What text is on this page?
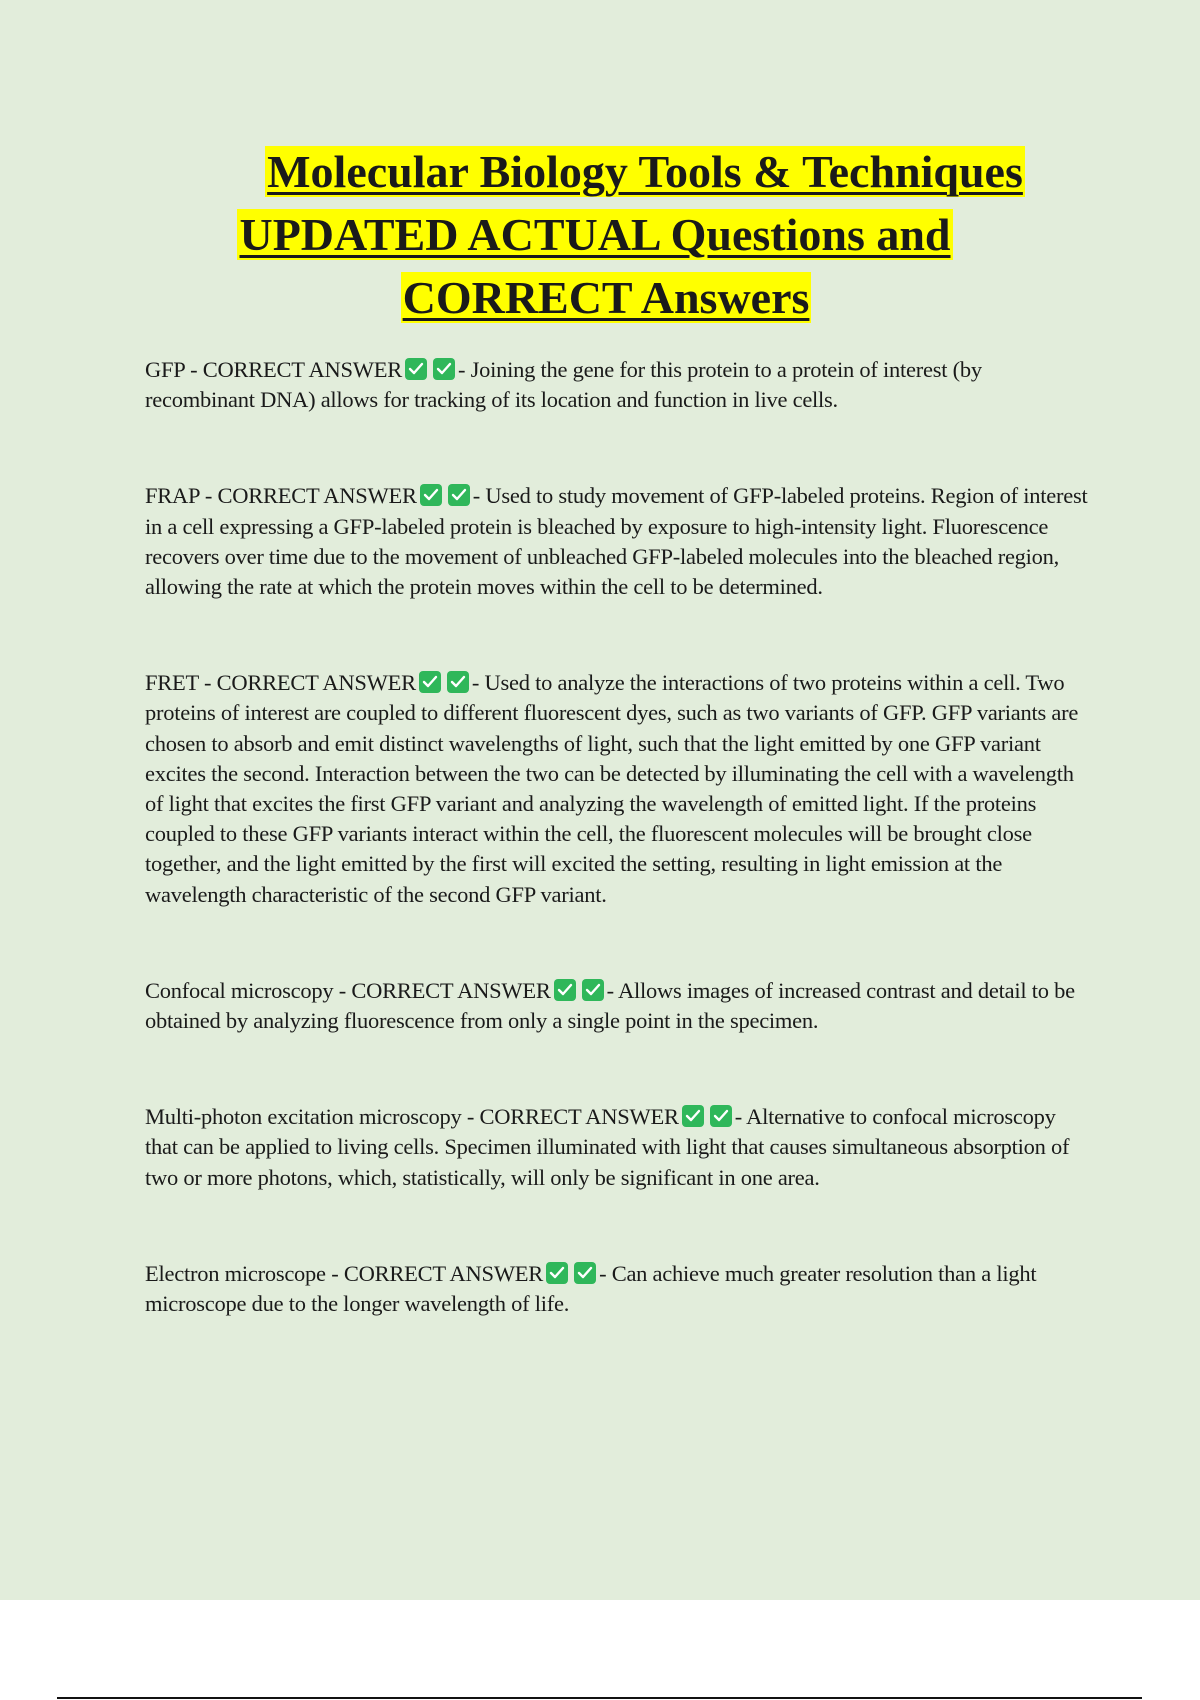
Molecular Biology Tools & Techniques
UPDATED ACTUAL Questions and
CORRECT Answers

GFP - CORRECT ANSWER - Joining the gene for this protein to a protein of interest (by recombinant DNA) allows for tracking of its location and function in live cells.

FRAP - CORRECT ANSWER - Used to study movement of GFP-labeled proteins. Region of interest in a cell expressing a GFP-labeled protein is bleached by exposure to high-intensity light. Fluorescence recovers over time due to the movement of unbleached GFP-labeled molecules into the bleached region, allowing the rate at which the protein moves within the cell to be determined.

FRET - CORRECT ANSWER - Used to analyze the interactions of two proteins within a cell. Two proteins of interest are coupled to different fluorescent dyes, such as two variants of GFP. GFP variants are chosen to absorb and emit distinct wavelengths of light, such that the light emitted by one GFP variant excites the second. Interaction between the two can be detected by illuminating the cell with a wavelength of light that excites the first GFP variant and analyzing the wavelength of emitted light. If the proteins coupled to these GFP variants interact within the cell, the fluorescent molecules will be brought close together, and the light emitted by the first will excited the setting, resulting in light emission at the wavelength characteristic of the second GFP variant.

Confocal microscopy - CORRECT ANSWER - Allows images of increased contrast and detail to be obtained by analyzing fluorescence from only a single point in the specimen.

Multi-photon excitation microscopy - CORRECT ANSWER - Alternative to confocal microscopy that can be applied to living cells. Specimen illuminated with light that causes simultaneous absorption of two or more photons, which, statistically, will only be significant in one area.

Electron microscope - CORRECT ANSWER - Can achieve much greater resolution than a light microscope due to the longer wavelength of life.
